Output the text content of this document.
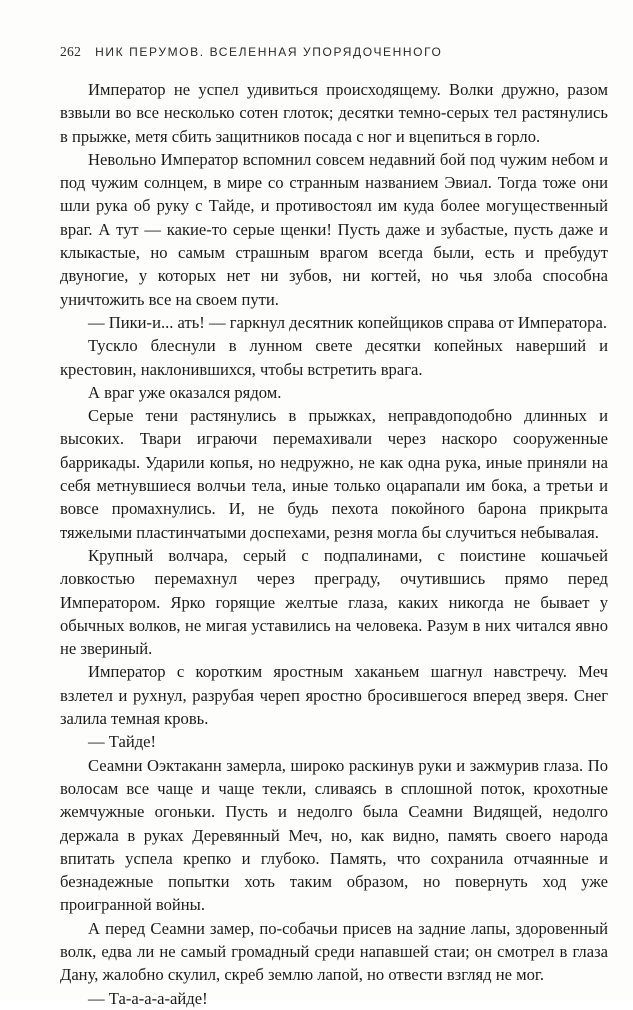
262 НИК ПЕРУМОВ. ВСЕЛЕННАЯ УПОРЯДОЧЕННОГО

Император не успел удивиться происходящему. Волки дружно, разом взвыли во все несколько сотен глоток; десятки темно-серых тел растянулись в прыжке, метя сбить защитников посада с ног и вцепиться в горло.

Невольно Император вспомнил совсем недавний бой под чужим небом и под чужим солнцем, в мире со странным названием Эвиал. Тогда тоже они шли рука об руку с Тайде, и противостоял им куда более могущественный враг. А тут — какие-то серые щенки! Пусть даже и зубастые, пусть даже и клыкастые, но самым страшным врагом всегда были, есть и пребудут двуногие, у которых нет ни зубов, ни когтей, но чья злоба способна уничтожить все на своем пути.

— Пики-и... ать! — гаркнул десятник копейщиков справа от Императора.

Тускло блеснули в лунном свете десятки копейных наверший и крестовин, наклонившихся, чтобы встретить врага.

А враг уже оказался рядом.

Серые тени растянулись в прыжках, неправдоподобно длинных и высоких. Твари играючи перемахивали через наскоро сооруженные баррикады. Ударили копья, но недружно, не как одна рука, иные приняли на себя метнувшиеся волчьи тела, иные только оцарапали им бока, а третьи и вовсе промахнулись. И, не будь пехота покойного барона прикрыта тяжелыми пластинчатыми доспехами, резня могла бы случиться небывалая.

Крупный волчара, серый с подпалинами, с поистине кошачьей ловкостью перемахнул через преграду, очутившись прямо перед Императором. Ярко горящие желтые глаза, каких никогда не бывает у обычных волков, не мигая уставились на человека. Разум в них читался явно не звериный.

Император с коротким яростным хаканьем шагнул навстречу. Меч взлетел и рухнул, разрубая череп яростно бросившегося вперед зверя. Снег залила темная кровь.

— Тайде!

Сеамни Оэктаканн замерла, широко раскинув руки и зажмурив глаза. По волосам все чаще и чаще текли, сливаясь в сплошной поток, крохотные жемчужные огоньки. Пусть и недолго была Сеамни Видящей, недолго держала в руках Деревянный Меч, но, как видно, память своего народа впитать успела крепко и глубоко. Память, что сохранила отчаянные и безнадежные попытки хоть таким образом, но повернуть ход уже проигранной войны.

А перед Сеамни замер, по-собачьи присев на задние лапы, здоровенный волк, едва ли не самый громадный среди напавшей стаи; он смотрел в глаза Дану, жалобно скулил, скреб землю лапой, но отвести взгляд не мог.

— Та-а-а-а-айде!
